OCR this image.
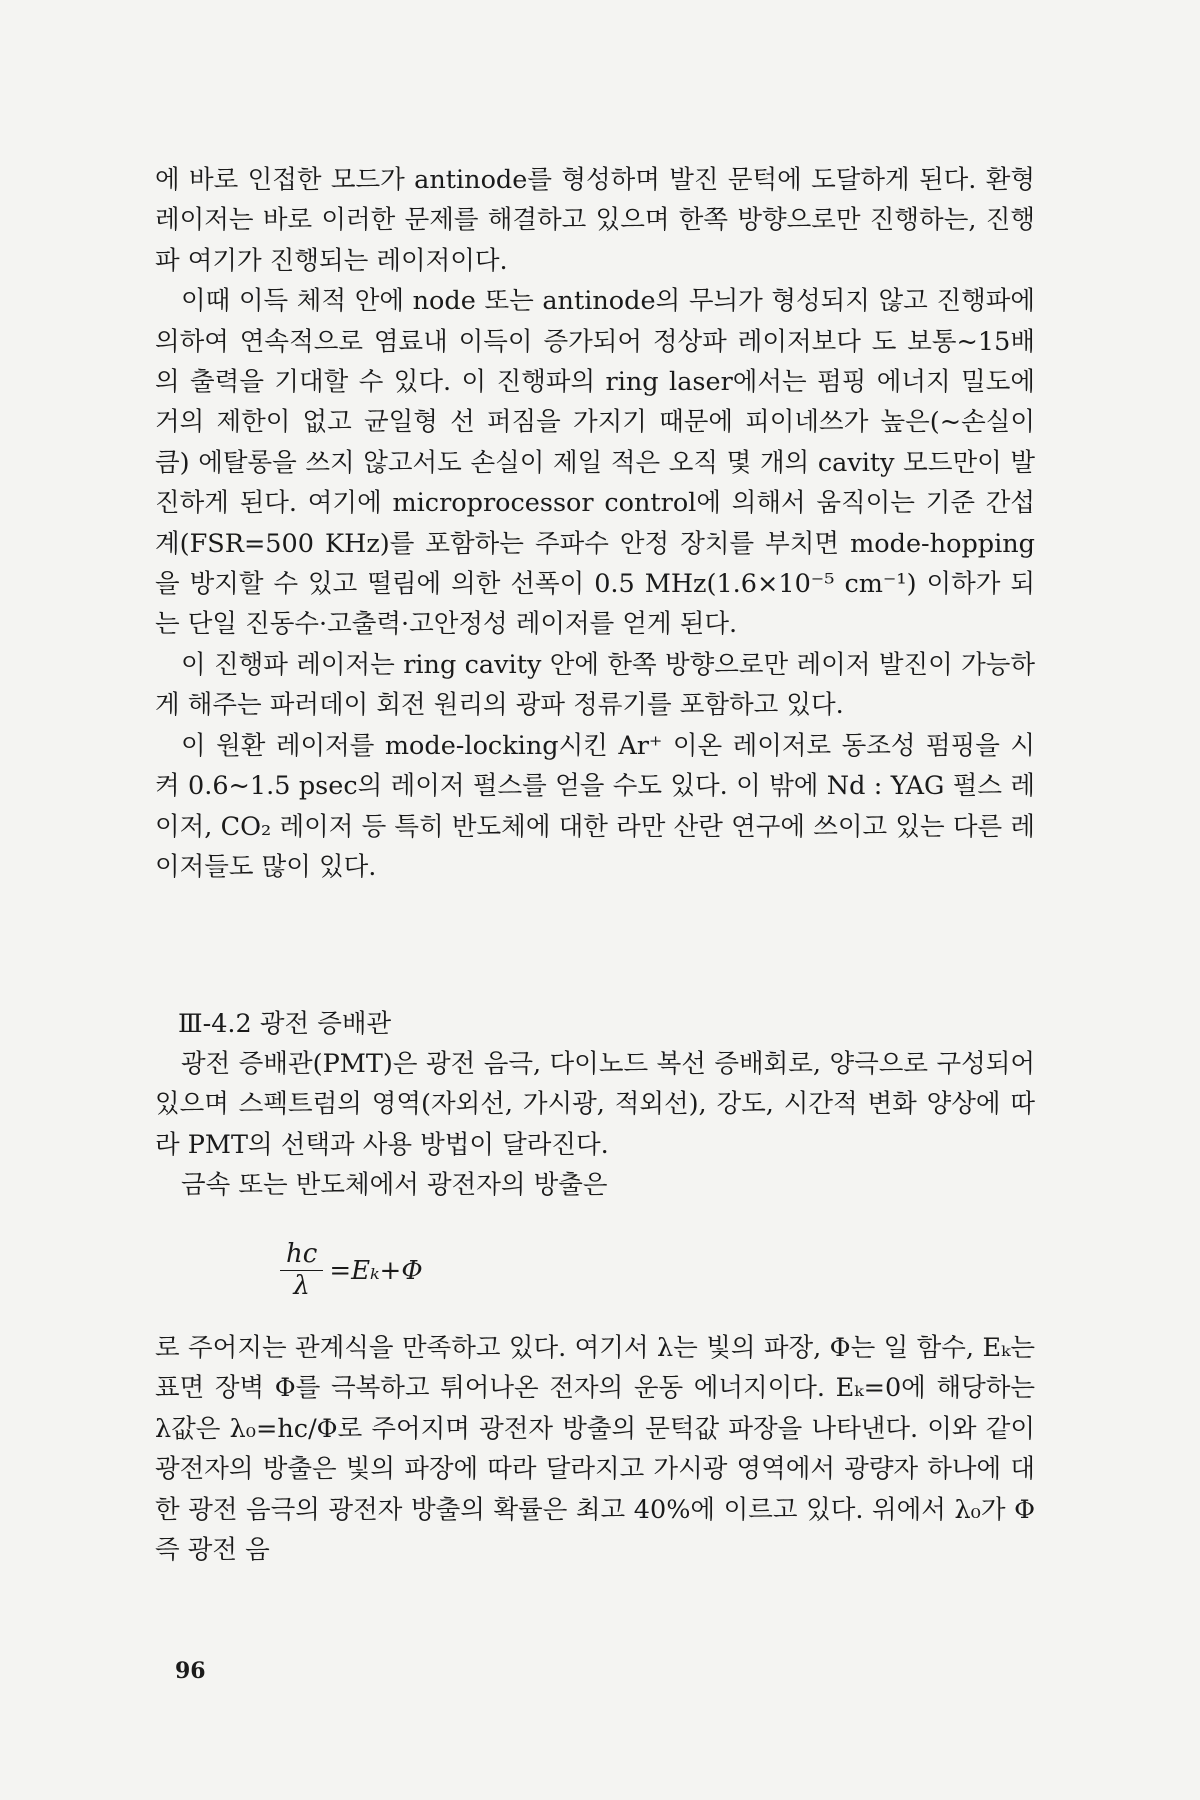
에 바로 인접한 모드가 antinode를 형성하며 발진 문턱에 도달하게 된다. 환형 레이저는 바로 이러한 문제를 해결하고 있으며 한쪽 방향으로만 진행하는, 진행파 여기가 진행되는 레이저이다.

이때 이득 체적 안에 node 또는 antinode의 무늬가 형성되지 않고 진행파에 의하여 연속적으로 염료내 이득이 증가되어 정상파 레이저보다 도 보통~15배의 출력을 기대할 수 있다. 이 진행파의 ring laser에서는 펌핑 에너지 밀도에 거의 제한이 없고 균일형 선 퍼짐을 가지기 때문에 피이네쓰가 높은(~손실이 큼) 에탈롱을 쓰지 않고서도 손실이 제일 적은 오직 몇 개의 cavity 모드만이 발진하게 된다. 여기에 microprocessor control에 의해서 움직이는 기준 간섭계(FSR=500 KHz)를 포함하는 주파수 안정 장치를 부치면 mode-hopping을 방지할 수 있고 떨림에 의한 선폭이 0.5 MHz(1.6×10⁻⁵ cm⁻¹) 이하가 되는 단일 진동수·고출력·고안정성 레이저를 얻게 된다.

이 진행파 레이저는 ring cavity 안에 한쪽 방향으로만 레이저 발진이 가능하게 해주는 파러데이 회전 원리의 광파 정류기를 포함하고 있다.

이 원환 레이저를 mode-locking시킨 Ar⁺ 이온 레이저로 동조성 펌핑을 시켜 0.6~1.5 psec의 레이저 펄스를 얻을 수도 있다. 이 밖에 Nd : YAG 펄스 레이저, CO₂ 레이저 등 특히 반도체에 대한 라만 산란 연구에 쓰이고 있는 다른 레이저들도 많이 있다.

Ⅲ-4.2 광전 증배관

광전 증배관(PMT)은 광전 음극, 다이노드 복선 증배회로, 양극으로 구성되어 있으며 스펙트럼의 영역(자외선, 가시광, 적외선), 강도, 시간적 변화 양상에 따라 PMT의 선택과 사용 방법이 달라진다.

금속 또는 반도체에서 광전자의 방출은

$\frac{hc}{\lambda} =E_k+\Phi$

로 주어지는 관계식을 만족하고 있다. 여기서 λ는 빛의 파장, Φ는 일 함수, Eₖ는 표면 장벽 Φ를 극복하고 튀어나온 전자의 운동 에너지이다. Eₖ=0에 해당하는 λ값은 λ₀=hc/Φ로 주어지며 광전자 방출의 문턱값 파장을 나타낸다. 이와 같이 광전자의 방출은 빛의 파장에 따라 달라지고 가시광 영역에서 광량자 하나에 대한 광전 음극의 광전자 방출의 확률은 최고 40%에 이르고 있다. 위에서 λ₀가 Φ 즉 광전 음

96
